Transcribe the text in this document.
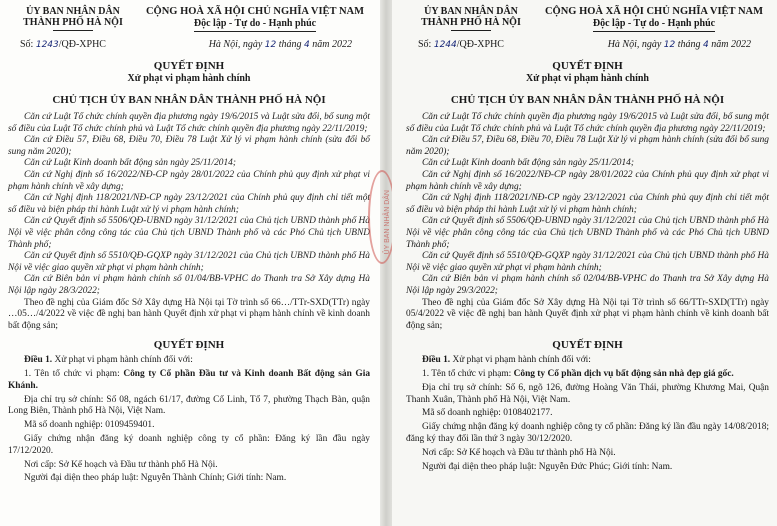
ỦY BAN NHÂN DÂN
THÀNH PHỐ HÀ NỘI
CỘNG HOÀ XÃ HỘI CHỦ NGHĨA VIỆT NAM
Độc lập - Tự do - Hạnh phúc
Số: 1243/QĐ-XPHC	Hà Nội, ngày 12 tháng 4 năm 2022
QUYẾT ĐỊNH
Xử phạt vi phạm hành chính
CHỦ TỊCH ỦY BAN NHÂN DÂN THÀNH PHỐ HÀ NỘI

Căn cứ Luật Tổ chức chính quyền địa phương ngày 19/6/2015 và Luật sửa đổi, bổ sung một số điều của Luật Tổ chức chính phủ và Luật Tổ chức chính quyền địa phương ngày 22/11/2019;

Căn cứ Điều 57, Điều 68, Điều 70, Điều 78 Luật Xử lý vi phạm hành chính (sửa đổi bổ sung năm 2020);

Căn cứ Luật Kinh doanh bất động sản ngày 25/11/2014;

Căn cứ Nghị định số 16/2022/NĐ-CP ngày 28/01/2022 của Chính phủ quy định xử phạt vi phạm hành chính về xây dựng;

Căn cứ Nghị định 118/2021/NĐ-CP ngày 23/12/2021 của Chính phủ quy định chi tiết một số điều và biện pháp thi hành Luật xử lý vi phạm hành chính;

Căn cứ Quyết định số 5506/QĐ-UBND ngày 31/12/2021 của Chủ tịch UBND thành phố Hà Nội về việc phân công công tác của Chủ tịch UBND Thành phố và các Phó Chủ tịch UBND Thành phố;

Căn cứ Quyết định số 5510/QĐ-GQXP ngày 31/12/2021 của Chủ tịch UBND thành phố Hà Nội về việc giao quyền xử phạt vi phạm hành chính;

Căn cứ Biên bản vi phạm hành chính số 01/04/BB-VPHC do Thanh tra Sở Xây dựng Hà Nội lập ngày 28/3/2022;

Theo đề nghị của Giám đốc Sở Xây dựng Hà Nội tại Tờ trình số 66…/TTr-SXD(TTr) ngày …05…/4/2022 về việc đề nghị ban hành Quyết định xử phạt vi phạm hành chính về kinh doanh bất động sản;

QUYẾT ĐỊNH

Điều 1. Xử phạt vi phạm hành chính đối với:

1. Tên tổ chức vi phạm: Công ty Cổ phần Đầu tư và Kinh doanh Bất động sản Gia Khánh.

Địa chỉ trụ sở chính: Số 08, ngách 61/17, đường Cổ Linh, Tổ 7, phường Thạch Bàn, quận Long Biên, Thành phố Hà Nội, Việt Nam.

Mã số doanh nghiệp: 0109459401.

Giấy chứng nhận đăng ký doanh nghiệp công ty cổ phần: Đăng ký lần đầu ngày 17/12/2020.

Nơi cấp: Sở Kế hoạch và Đầu tư thành phố Hà Nội.

Người đại diện theo pháp luật: Nguyễn Thành Chính; Giới tính: Nam.

ỦY BAN NHÂN DÂN
ỦY BAN NHÂN DÂN
THÀNH PHỐ HÀ NỘI
CỘNG HOÀ XÃ HỘI CHỦ NGHĨA VIỆT NAM
Độc lập - Tự do - Hạnh phúc
Số: 1244/QĐ-XPHC	Hà Nội, ngày 12 tháng 4 năm 2022
QUYẾT ĐỊNH
Xử phạt vi phạm hành chính
CHỦ TỊCH ỦY BAN NHÂN DÂN THÀNH PHỐ HÀ NỘI

Căn cứ Luật Tổ chức chính quyền địa phương ngày 19/6/2015 và Luật sửa đổi, bổ sung một số điều của Luật Tổ chức chính phủ và Luật Tổ chức chính quyền địa phương ngày 22/11/2019;

Căn cứ Điều 57, Điều 68, Điều 70, Điều 78 Luật Xử lý vi phạm hành chính (sửa đổi bổ sung năm 2020);

Căn cứ Luật Kinh doanh bất động sản ngày 25/11/2014;

Căn cứ Nghị định số 16/2022/NĐ-CP ngày 28/01/2022 của Chính phủ quy định xử phạt vi phạm hành chính về xây dựng;

Căn cứ Nghị định 118/2021/NĐ-CP ngày 23/12/2021 của Chính phủ quy định chi tiết một số điều và biện pháp thi hành Luật xử lý vi phạm hành chính;

Căn cứ Quyết định số 5506/QĐ-UBND ngày 31/12/2021 của Chủ tịch UBND thành phố Hà Nội về việc phân công công tác của Chủ tịch UBND Thành phố và các Phó Chủ tịch UBND Thành phố;

Căn cứ Quyết định số 5510/QĐ-GQXP ngày 31/12/2021 của Chủ tịch UBND thành phố Hà Nội về việc giao quyền xử phạt vi phạm hành chính;

Căn cứ Biên bản vi phạm hành chính số 02/04/BB-VPHC do Thanh tra Sở Xây dựng Hà Nội lập ngày 29/3/2022;

Theo đề nghị của Giám đốc Sở Xây dựng Hà Nội tại Tờ trình số 66/TTr-SXD(TTr) ngày 05/4/2022 về việc đề nghị ban hành Quyết định xử phạt vi phạm hành chính về kinh doanh bất động sản;

QUYẾT ĐỊNH

Điều 1. Xử phạt vi phạm hành chính đối với:

1. Tên tổ chức vi phạm: Công ty Cổ phần dịch vụ bất động sản nhà đẹp giá gốc.

Địa chỉ trụ sở chính: Số 6, ngõ 126, đường Hoàng Văn Thái, phường Khương Mai, Quận Thanh Xuân, Thành phố Hà Nội, Việt Nam.

Mã số doanh nghiệp: 0108402177.

Giấy chứng nhận đăng ký doanh nghiệp công ty cổ phần: Đăng ký lần đầu ngày 14/08/2018; đăng ký thay đổi lần thứ 3 ngày 30/12/2020.

Nơi cấp: Sở Kế hoạch và Đầu tư thành phố Hà Nội.

Người đại diện theo pháp luật: Nguyễn Đức Phúc; Giới tính: Nam.
